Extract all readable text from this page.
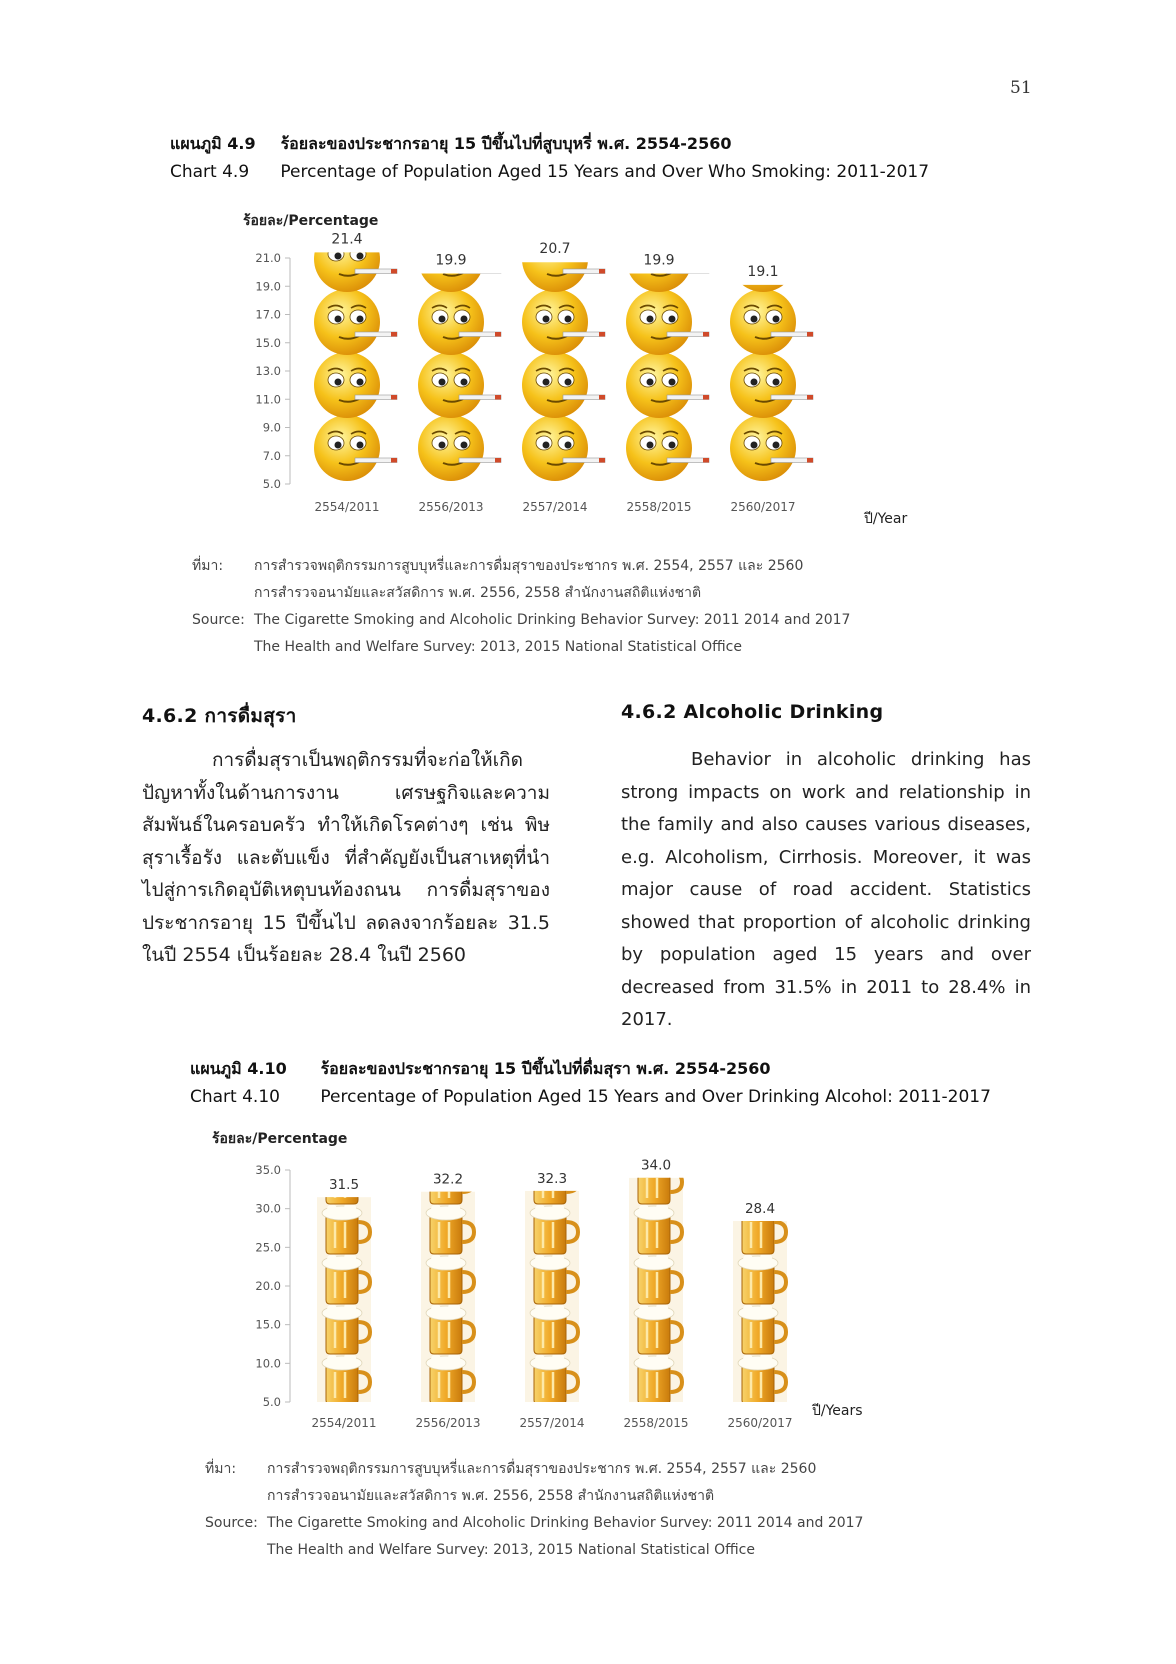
51
แผนภูมิ 4.9 ร้อยละของประชากรอายุ 15 ปีขึ้นไปที่สูบบุหรี่ พ.ศ. 2554-2560
Chart 4.9 Percentage of Population Aged 15 Years and Over Who Smoking: 2011-2017
ร้อยละ/Percentage
5.0
7.0
9.0
11.0
13.0
15.0
17.0
19.0
21.0
21.4
2554/2011
19.9
2556/2013
20.7
2557/2014
19.9
2558/2015
19.1
2560/2017
ปี/Year
ที่มา: การสำรวจพฤติกรรมการสูบบุหรี่และการดื่มสุราของประชากร พ.ศ. 2554, 2557 และ 2560
การสำรวจอนามัยและสวัสดิการ พ.ศ. 2556, 2558 สำนักงานสถิติแห่งชาติ
Source: The Cigarette Smoking and Alcoholic Drinking Behavior Survey: 2011 2014 and 2017
The Health and Welfare Survey: 2013, 2015 National Statistical Office
4.6.2 การดื่มสุรา	4.6.2 Alcoholic Drinking

การดื่มสุราเป็นพฤติกรรมที่จะก่อให้เกิดปัญหาทั้งในด้านการงาน เศรษฐกิจและความสัมพันธ์ในครอบครัว ทำให้เกิดโรคต่างๆ เช่น พิษสุราเรื้อรัง และตับแข็ง ที่สำคัญยังเป็นสาเหตุที่นำไปสู่การเกิดอุบัติเหตุบนท้องถนน การดื่มสุราของประชากรอายุ 15 ปีขึ้นไป ลดลงจากร้อยละ 31.5 ในปี 2554 เป็นร้อยละ 28.4 ในปี 2560

Behavior in alcoholic drinking has strong impacts on work and relationship in the family and also causes various diseases, e.g. Alcoholism, Cirrhosis. Moreover, it was major cause of road accident. Statistics showed that proportion of alcoholic drinking by population aged 15 years and over decreased from 31.5% in 2011 to 28.4% in 2017.

แผนภูมิ 4.10 ร้อยละของประชากรอายุ 15 ปีขึ้นไปที่ดื่มสุรา พ.ศ. 2554-2560
Chart 4.10 Percentage of Population Aged 15 Years and Over Drinking Alcohol: 2011-2017
ร้อยละ/Percentage
5.0
10.0
15.0
20.0
25.0
30.0
35.0
31.5
2554/2011
32.2
2556/2013
32.3
2557/2014
34.0
2558/2015
28.4
2560/2017
ปี/Years
ที่มา: การสำรวจพฤติกรรมการสูบบุหรี่และการดื่มสุราของประชากร พ.ศ. 2554, 2557 และ 2560
การสำรวจอนามัยและสวัสดิการ พ.ศ. 2556, 2558 สำนักงานสถิติแห่งชาติ
Source: The Cigarette Smoking and Alcoholic Drinking Behavior Survey: 2011 2014 and 2017
The Health and Welfare Survey: 2013, 2015 National Statistical Office
